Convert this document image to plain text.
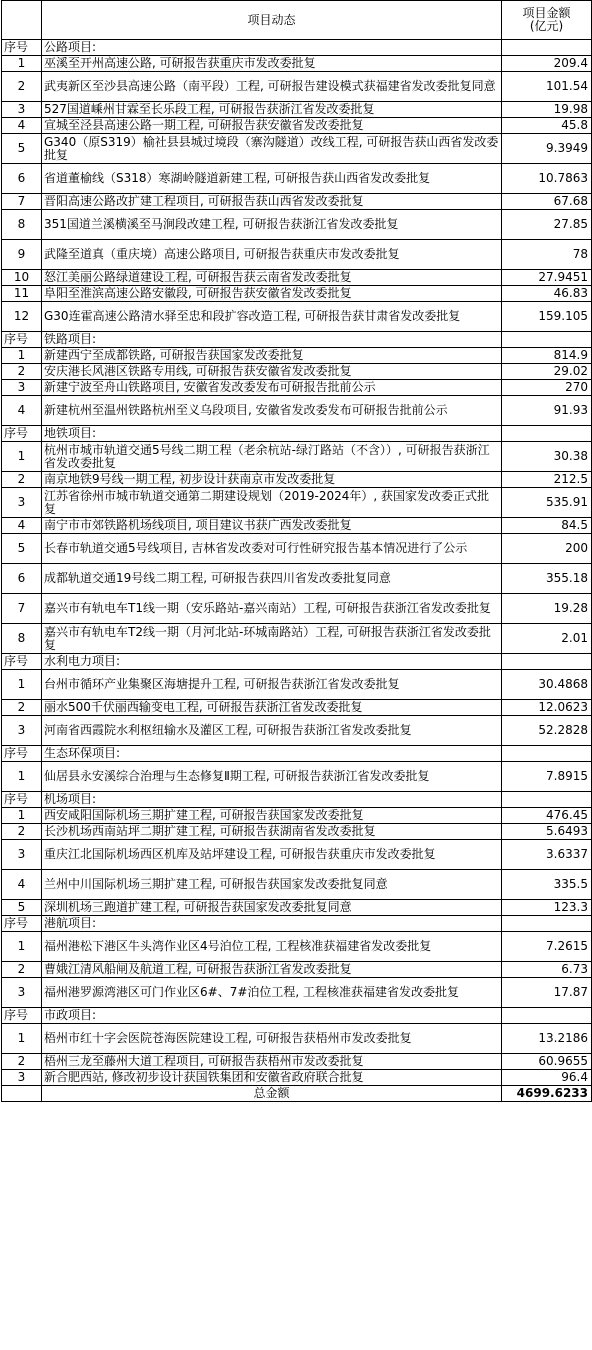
	项目动态	项目金额
(亿元)
序号	公路项目:	
1	巫溪至开州高速公路, 可研报告获重庆市发改委批复	209.4
2	武夷新区至沙县高速公路（南平段）工程, 可研报告建设模式获福建省发改委批复同意	101.54
3	527国道嵊州甘霖至长乐段工程, 可研报告获浙江省发改委批复	19.98
4	宣城至泾县高速公路一期工程, 可研报告获安徽省发改委批复	45.8
5	G340（原S319）榆社县县城过境段（寨沟隧道）改线工程, 可研报告获山西省发改委批复	9.3949
6	省道董榆线（S318）寒湖岭隧道新建工程, 可研报告获山西省发改委批复	10.7863
7	晋阳高速公路改扩建工程项目, 可研报告获山西省发改委批复	67.68
8	351国道兰溪横溪至马涧段改建工程, 可研报告获浙江省发改委批复	27.85
9	武隆至道真（重庆境）高速公路项目, 可研报告获重庆市发改委批复	78
10	怒江美丽公路绿道建设工程, 可研报告获云南省发改委批复	27.9451
11	阜阳至淮滨高速公路安徽段, 可研报告获安徽省发改委批复	46.83
12	G30连霍高速公路清水驿至忠和段扩容改造工程, 可研报告获甘肃省发改委批复	159.105
序号	铁路项目:	
1	新建西宁至成都铁路, 可研报告获国家发改委批复	814.9
2	安庆港长风港区铁路专用线, 可研报告获安徽省发改委批复	29.02
3	新建宁波至舟山铁路项目, 安徽省发改委发布可研报告批前公示	270
4	新建杭州至温州铁路杭州至义乌段项目, 安徽省发改委发布可研报告批前公示	91.93
序号	地铁项目:	
1	杭州市城市轨道交通5号线二期工程（老余杭站-绿汀路站（不含））, 可研报告获浙江省发改委批复	30.38
2	南京地铁9号线一期工程, 初步设计获南京市发改委批复	212.5
3	江苏省徐州市城市轨道交通第二期建设规划（2019-2024年）, 获国家发改委正式批复	535.91
4	南宁市市郊铁路机场线项目, 项目建议书获广西发改委批复	84.5
5	长春市轨道交通5号线项目, 吉林省发改委对可行性研究报告基本情况进行了公示	200
6	成都轨道交通19号线二期工程, 可研报告获四川省发改委批复同意	355.18
7	嘉兴市有轨电车T1线一期（安乐路站-嘉兴南站）工程, 可研报告获浙江省发改委批复	19.28
8	嘉兴市有轨电车T2线一期（月河北站-环城南路站）工程, 可研报告获浙江省发改委批复	2.01
序号	水利电力项目:	
1	台州市循环产业集聚区海塘提升工程, 可研报告获浙江省发改委批复	30.4868
2	丽水500千伏丽西输变电工程, 可研报告获浙江省发改委批复	12.0623
3	河南省西霞院水利枢纽输水及灌区工程, 可研报告获浙江省发改委批复	52.2828
序号	生态环保项目:	
1	仙居县永安溪综合治理与生态修复Ⅱ期工程, 可研报告获浙江省发改委批复	7.8915
序号	机场项目:	
1	西安咸阳国际机场三期扩建工程, 可研报告获国家发改委批复	476.45
2	长沙机场西南站坪二期扩建工程, 可研报告获湖南省发改委批复	5.6493
3	重庆江北国际机场西区机库及站坪建设工程, 可研报告获重庆市发改委批复	3.6337
4	兰州中川国际机场三期扩建工程, 可研报告获国家发改委批复同意	335.5
5	深圳机场三跑道扩建工程, 可研报告获国家发改委批复同意	123.3
序号	港航项目:	
1	福州港松下港区牛头湾作业区4号泊位工程, 工程核准获福建省发改委批复	7.2615
2	曹娥江清风船闸及航道工程, 可研报告获浙江省发改委批复	6.73
3	福州港罗源湾港区可门作业区6#、7#泊位工程, 工程核准获福建省发改委批复	17.87
序号	市政项目:	
1	梧州市红十字会医院苍海医院建设工程, 可研报告获梧州市发改委批复	13.2186
2	梧州三龙至藤州大道工程项目, 可研报告获梧州市发改委批复	60.9655
3	新合肥西站, 修改初步设计获国铁集团和安徽省政府联合批复	96.4
	总金额	4699.6233
